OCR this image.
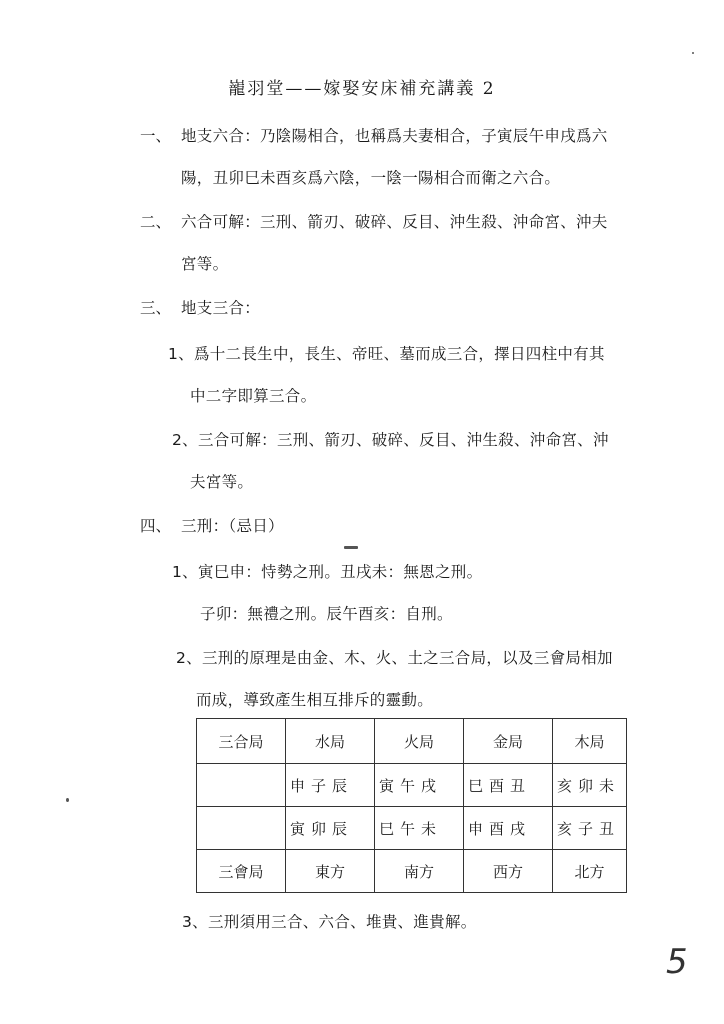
巃羽堂——嫁娶安床補充講義 2
一、 地支六合：乃陰陽相合，也稱爲夫妻相合，子寅辰午申戌爲六
陽，丑卯巳未酉亥爲六陰，一陰一陽相合而衛之六合。
二、 六合可解：三刑、箭刃、破碎、反目、沖生殺、沖命宮、沖夫
宮等。
三、 地支三合：
1、爲十二長生中，長生、帝旺、墓而成三合，擇日四柱中有其
中二字即算三合。
2、三合可解：三刑、箭刃、破碎、反目、沖生殺、沖命宮、沖
夫宮等。
四、 三刑：（忌日）
1、寅巳申：恃勢之刑。丑戌未：無恩之刑。
子卯：無禮之刑。辰午酉亥：自刑。
2、三刑的原理是由金、木、火、土之三合局，以及三會局相加
而成，導致產生相互排斥的靈動。
三合局	水局	火局	金局	木局
	申子辰	寅午戌	巳酉丑	亥卯未
	寅卯辰	巳午未	申酉戌	亥子丑
三會局	東方	南方	西方	北方
3、三刑須用三合、六合、堆貴、進貴解。
5
